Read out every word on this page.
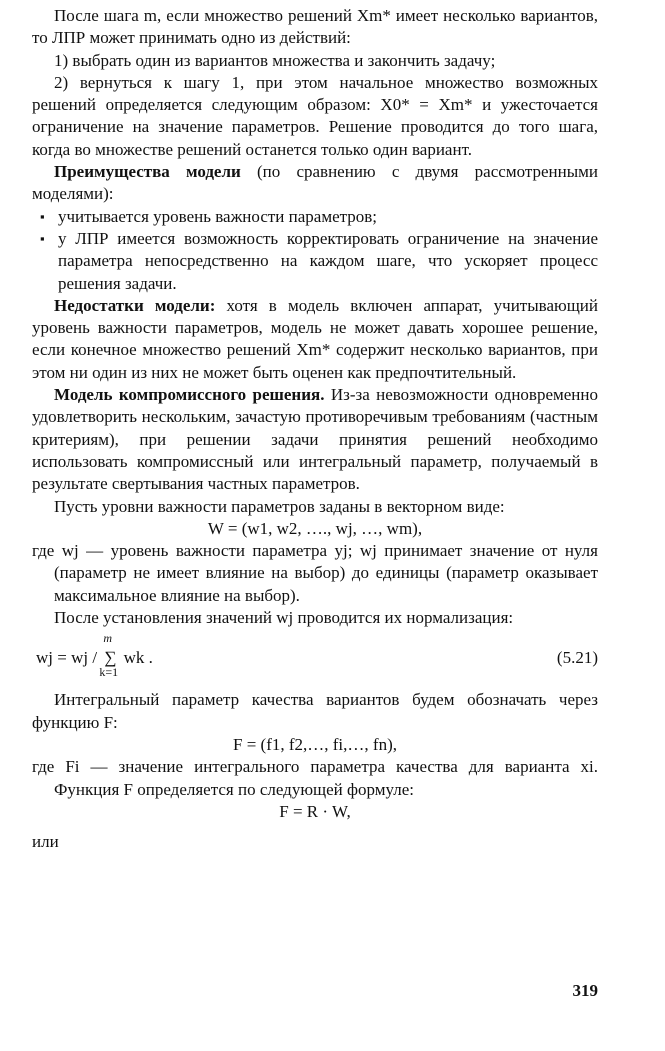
После шага m, если множество решений Xm* имеет несколько вариантов, то ЛПР может принимать одно из действий:

1) выбрать один из вариантов множества и закончить задачу;

2) вернуться к шагу 1, при этом начальное множество возможных решений определяется следующим образом: X0* = Xm* и ужесточается ограничение на значение параметров. Решение проводится до того шага, когда во множестве решений останется только один вариант.

Преимущества модели (по сравнению с двумя рассмотренными моделями):

▪ учитывается уровень важности параметров;
▪ у ЛПР имеется возможность корректировать ограничение на значение параметра непосредственно на каждом шаге, что ускоряет процесс решения задачи.

Недостатки модели: хотя в модель включен аппарат, учитывающий уровень важности параметров, модель не может давать хорошее решение, если конечное множество решений Xm* содержит несколько вариантов, при этом ни один из них не может быть оценен как предпочтительный.

Модель компромиссного решения. Из-за невозможности одновременно удовлетворить нескольким, зачастую противоречивым требованиям (частным критериям), при решении задачи принятия решений необходимо использовать компромиссный или интегральный параметр, получаемый в результате свертывания частных параметров.

Пусть уровни важности параметров заданы в векторном виде:

W = (w1, w2, …., wj, …, wm),

где wj — уровень важности параметра yj; wj принимает значение от нуля (параметр не имеет влияние на выбор) до единицы (параметр оказывает максимальное влияние на выбор).

После установления значений wj проводится их нормализация:

wj = wj / ∑
m
k=1
wk .	(5.21)

Интегральный параметр качества вариантов будем обозначать через функцию F:

F = (f1, f2,…, fi,…, fn),

где Fi — значение интегрального параметра качества для варианта xi. Функция F определяется по следующей формуле:

F = R · W,

или

319
